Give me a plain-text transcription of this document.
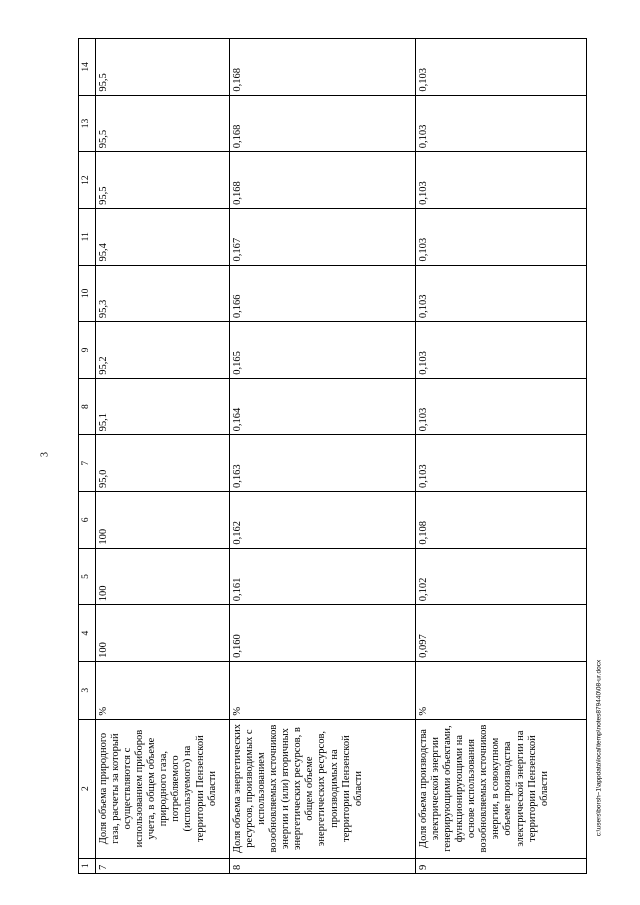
3
1	2	3	4	5	6	7	8	9	10	11	12	13	14
7	Доля объема природного газа, расчеты за который осуществляются с использованием приборов учета, в общем объеме природного газа, потребляемого (используемого) на территории Пензенской области	%	100	100	100	95,0	95,1	95,2	95,3	95,4	95,5	95,5	95,5
8	Доля объема энергетических ресурсов, производимых с использованием возобновляемых источников энергии и (или) вторичных энергетических ресурсов, в общем объеме энергетических ресурсов, производимых на территории Пензенской области	%	0,160	0,161	0,162	0,163	0,164	0,165	0,166	0,167	0,168	0,168	0,168
9	Доля объема производства электрической энергии генерирующими объектами, функционирующими на основе использования возобновляемых источников энергии, в совокупном объеме производства электрической энергии на территории Пензенской области	%	0,097	0,102	0,108	0,103	0,103	0,103	0,103	0,103	0,103	0,103	0,103
c:\users\borsh~1\appdata\local\temp\notes879440\08-ur.docx
